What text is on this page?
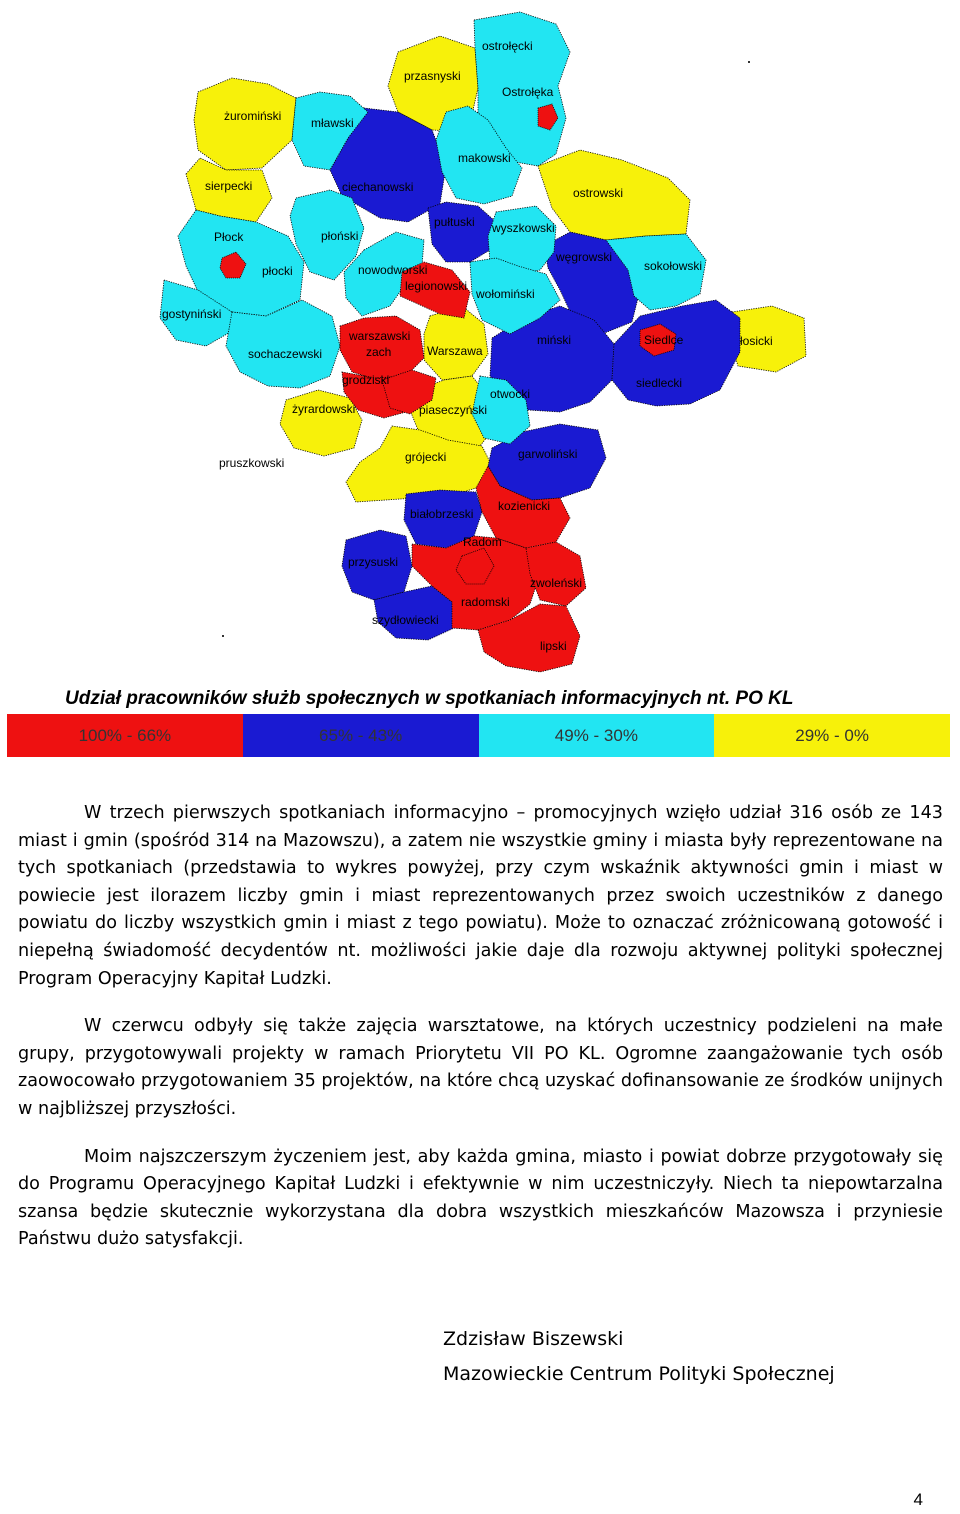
ostrołęcki
Ostrołęka
przasnyski
żuromiński mławski
makowski
ciechanowski
sierpecki	ostrowski
pułtuski wyszkowski
Płock	płoński
węgrowski
sokołowski
płocki	nowodworski
legionowski
wołomiński
gostyniński
łosicki
warszawski
zach
miński	Siedlce
sochaczewski	Warszawa
grodziski	siedlecki
otwocki
żyrardowski	piaseczyński
garwoliński
grójecki
pruszkowski
kozienicki
białobrzeski
Radom
przysuski
zwoleński
radomski
szydłowiecki
lipski
Udział pracowników służb społecznych w spotkaniach informacyjnych nt. PO KL
100% - 66%	65% - 43%	49% - 30%	29% - 0%

W trzech pierwszych spotkaniach informacyjno – promocyjnych wzięło udział 316 osób ze 143 miast i gmin (spośród 314 na Mazowszu), a zatem nie wszystkie gminy i miasta były reprezentowane na tych spotkaniach (przedstawia to wykres powyżej, przy czym wskaźnik aktywności gmin i miast w powiecie jest ilorazem liczby gmin i miast reprezentowanych przez swoich uczestników z danego powiatu do liczby wszystkich gmin i miast z tego powiatu). Może to oznaczać zróżnicowaną gotowość i niepełną świadomość decydentów nt. możliwości jakie daje dla rozwoju aktywnej polityki społecznej Program Operacyjny Kapitał Ludzki.

W czerwcu odbyły się także zajęcia warsztatowe, na których uczestnicy podzieleni na małe grupy, przygotowywali projekty w ramach Priorytetu VII PO KL. Ogromne zaangażowanie tych osób zaowocowało przygotowaniem 35 projektów, na które chcą uzyskać dofinansowanie ze środków unijnych w najbliższej przyszłości.

Moim najszczerszym życzeniem jest, aby każda gmina, miasto i powiat dobrze przygotowały się do Programu Operacyjnego Kapitał Ludzki i efektywnie w nim uczestniczyły. Niech ta niepowtarzalna szansa będzie skutecznie wykorzystana dla dobra wszystkich mieszkańców Mazowsza i przyniesie Państwu dużo satysfakcji.

Zdzisław Biszewski
Mazowieckie Centrum Polityki Społecznej
4
